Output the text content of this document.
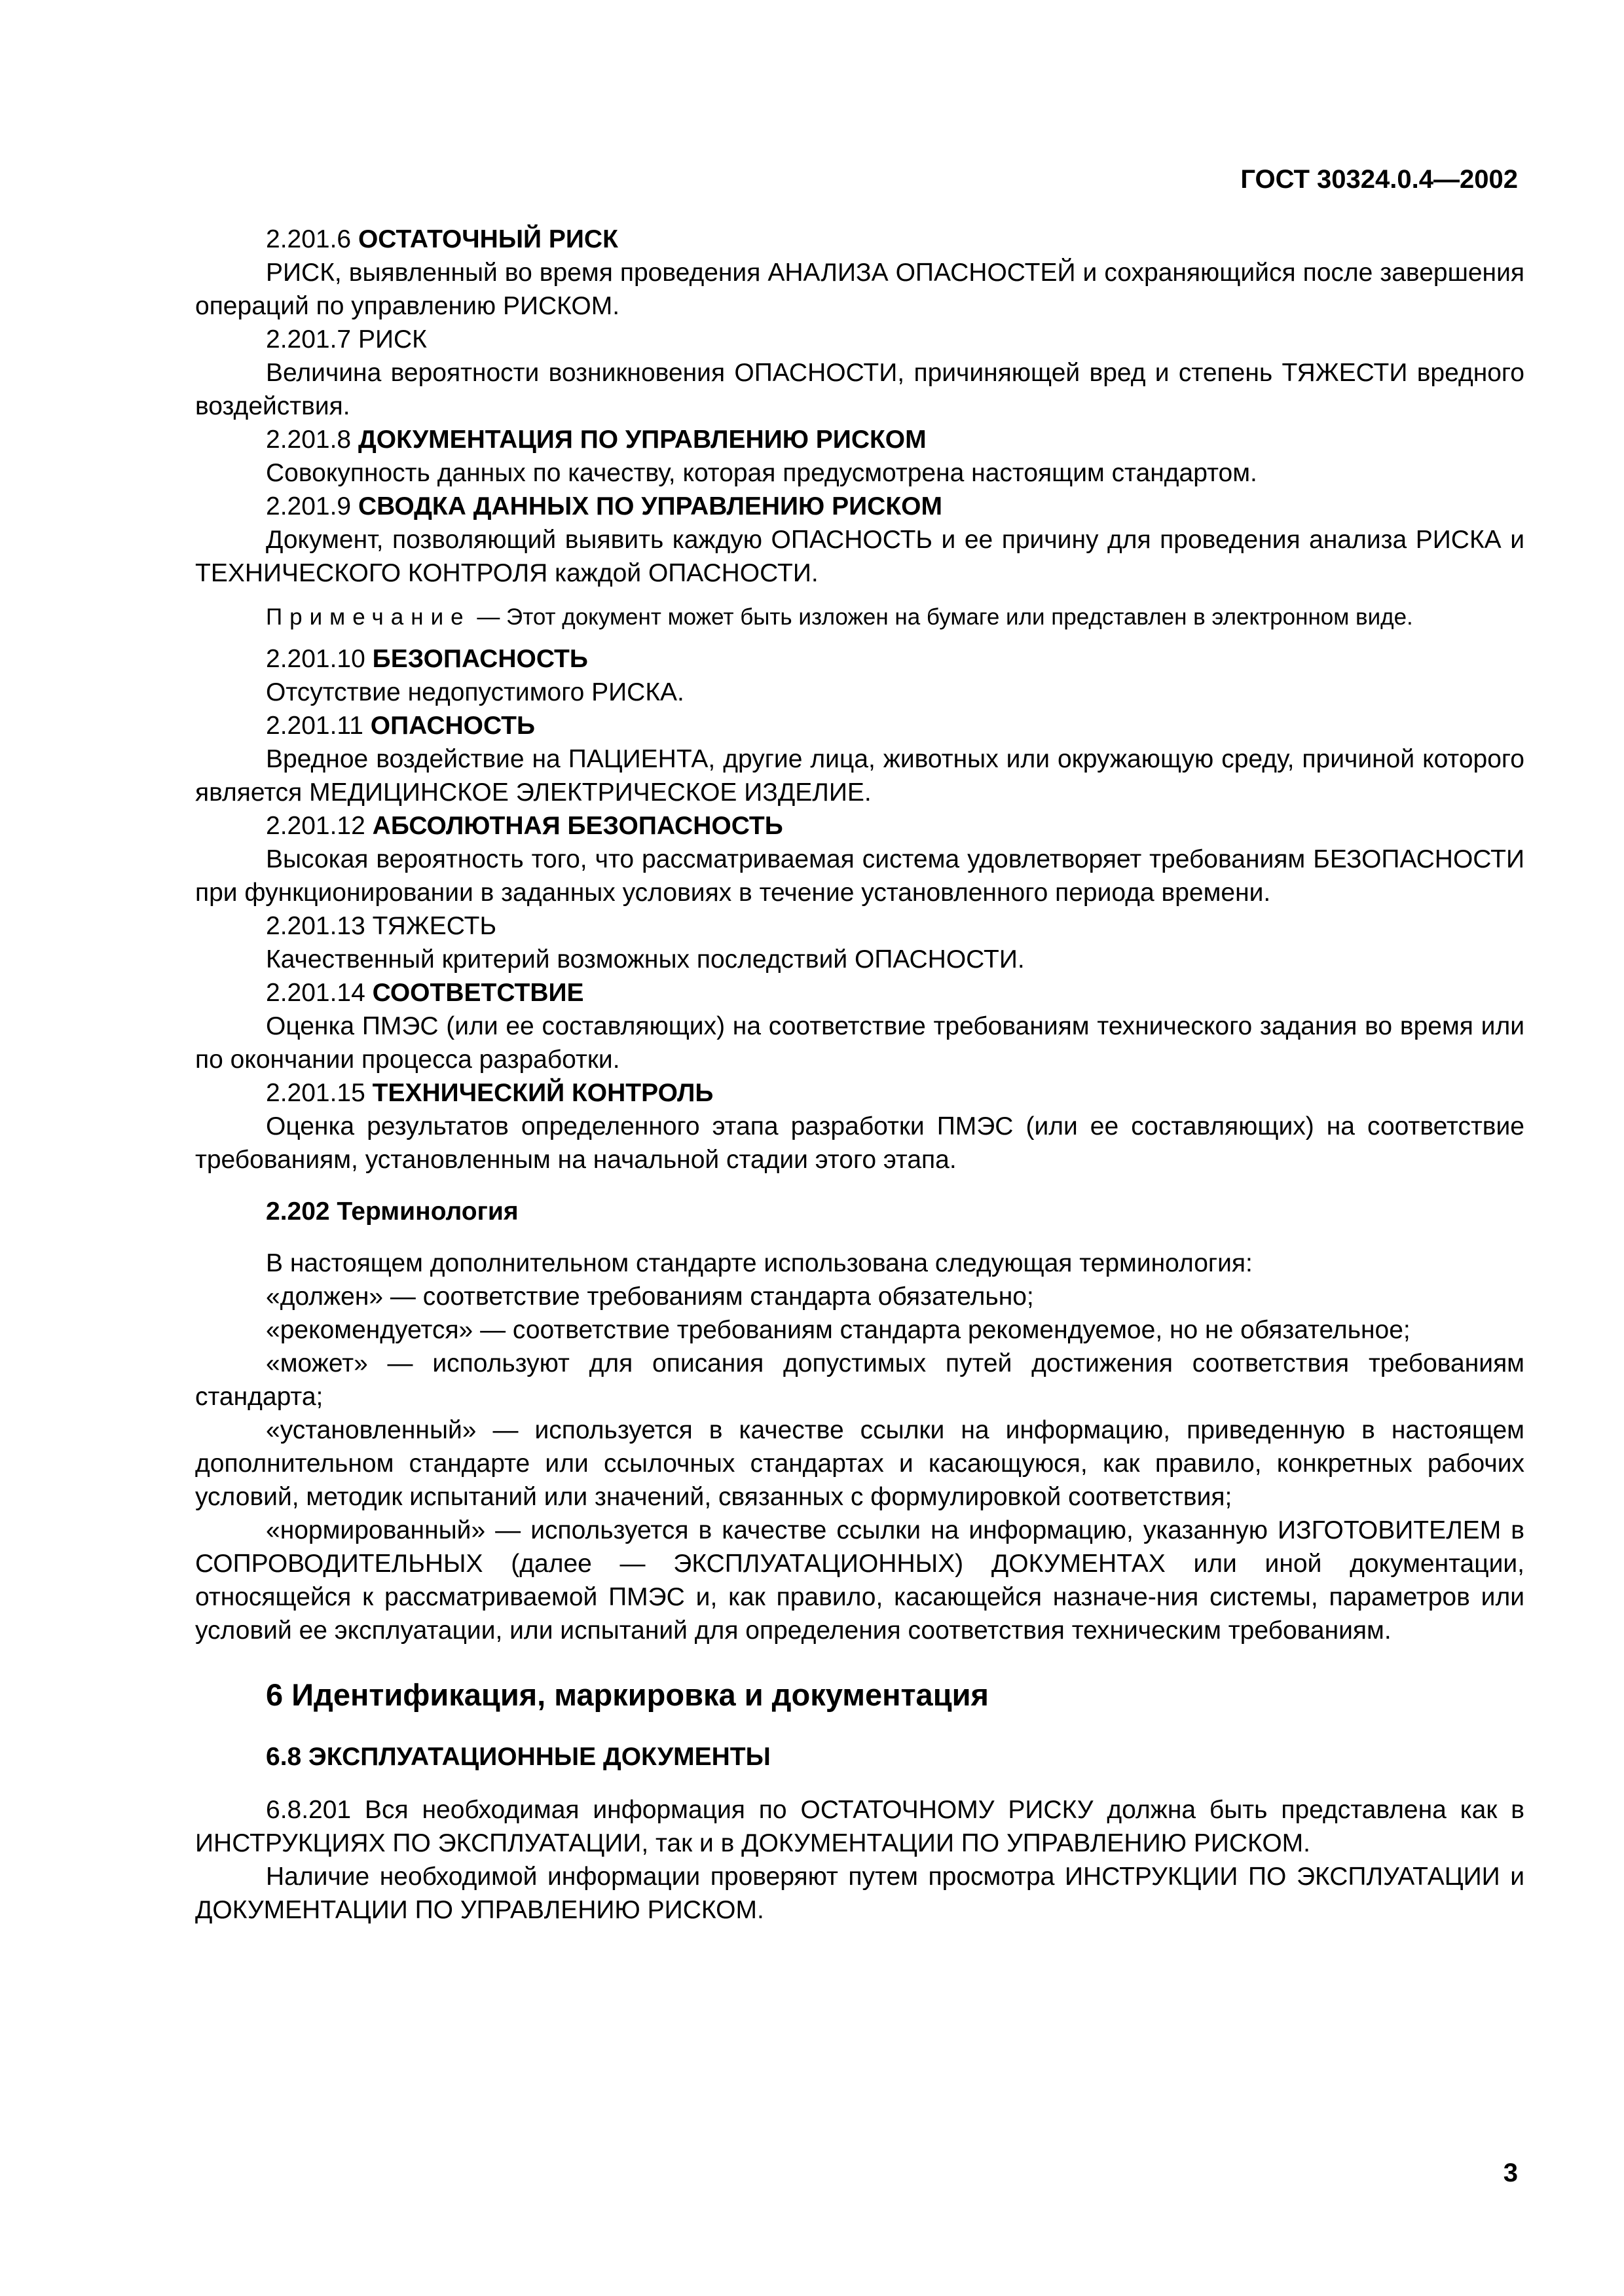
ГОСТ 30324.0.4—2002

2.201.6 ОСТАТОЧНЫЙ РИСК

РИСК, выявленный во время проведения АНАЛИЗА ОПАСНОСТЕЙ и сохраняющийся после завершения операций по управлению РИСКОМ.

2.201.7 РИСК

Величина вероятности возникновения ОПАСНОСТИ, причиняющей вред и степень ТЯЖЕСТИ вредного воздействия.

2.201.8 ДОКУМЕНТАЦИЯ ПО УПРАВЛЕНИЮ РИСКОМ

Совокупность данных по качеству, которая предусмотрена настоящим стандартом.

2.201.9 СВОДКА ДАННЫХ ПО УПРАВЛЕНИЮ РИСКОМ

Документ, позволяющий выявить каждую ОПАСНОСТЬ и ее причину для проведения анализа РИСКА и ТЕХНИЧЕСКОГО КОНТРОЛЯ каждой ОПАСНОСТИ.

Примечание — Этот документ может быть изложен на бумаге или представлен в электронном виде.

2.201.10 БЕЗОПАСНОСТЬ

Отсутствие недопустимого РИСКА.

2.201.11 ОПАСНОСТЬ

Вредное воздействие на ПАЦИЕНТА, другие лица, животных или окружающую среду, причиной которого является МЕДИЦИНСКОЕ ЭЛЕКТРИЧЕСКОЕ ИЗДЕЛИЕ.

2.201.12 АБСОЛЮТНАЯ БЕЗОПАСНОСТЬ

Высокая вероятность того, что рассматриваемая система удовлетворяет требованиям БЕЗОПАСНОСТИ при функционировании в заданных условиях в течение установленного периода времени.

2.201.13 ТЯЖЕСТЬ

Качественный критерий возможных последствий ОПАСНОСТИ.

2.201.14 СООТВЕТСТВИЕ

Оценка ПМЭС (или ее составляющих) на соответствие требованиям технического задания во время или по окончании процесса разработки.

2.201.15 ТЕХНИЧЕСКИЙ КОНТРОЛЬ

Оценка результатов определенного этапа разработки ПМЭС (или ее составляющих) на соответствие требованиям, установленным на начальной стадии этого этапа.

2.202 Терминология

В настоящем дополнительном стандарте использована следующая терминология:

«должен» — соответствие требованиям стандарта обязательно;

«рекомендуется» — соответствие требованиям стандарта рекомендуемое, но не обязательное;

«может» — используют для описания допустимых путей достижения соответствия требованиям стандарта;

«установленный» — используется в качестве ссылки на информацию, приведенную в настоящем дополнительном стандарте или ссылочных стандартах и касающуюся, как правило, конкретных рабочих условий, методик испытаний или значений, связанных с формулировкой соответствия;

«нормированный» — используется в качестве ссылки на информацию, указанную ИЗГОТОВИТЕЛЕМ в СОПРОВОДИТЕЛЬНЫХ (далее — ЭКСПЛУАТАЦИОННЫХ) ДОКУМЕНТАХ или иной документации, относящейся к рассматриваемой ПМЭС и, как правило, касающейся назначе-ния системы, параметров или условий ее эксплуатации, или испытаний для определения соответствия техническим требованиям.

6 Идентификация, маркировка и документация
6.8 ЭКСПЛУАТАЦИОННЫЕ ДОКУМЕНТЫ

6.8.201 Вся необходимая информация по ОСТАТОЧНОМУ РИСКУ должна быть представлена как в ИНСТРУКЦИЯХ ПО ЭКСПЛУАТАЦИИ, так и в ДОКУМЕНТАЦИИ ПО УПРАВЛЕНИЮ РИСКОМ.

Наличие необходимой информации проверяют путем просмотра ИНСТРУКЦИИ ПО ЭКСПЛУАТАЦИИ и ДОКУМЕНТАЦИИ ПО УПРАВЛЕНИЮ РИСКОМ.

3
